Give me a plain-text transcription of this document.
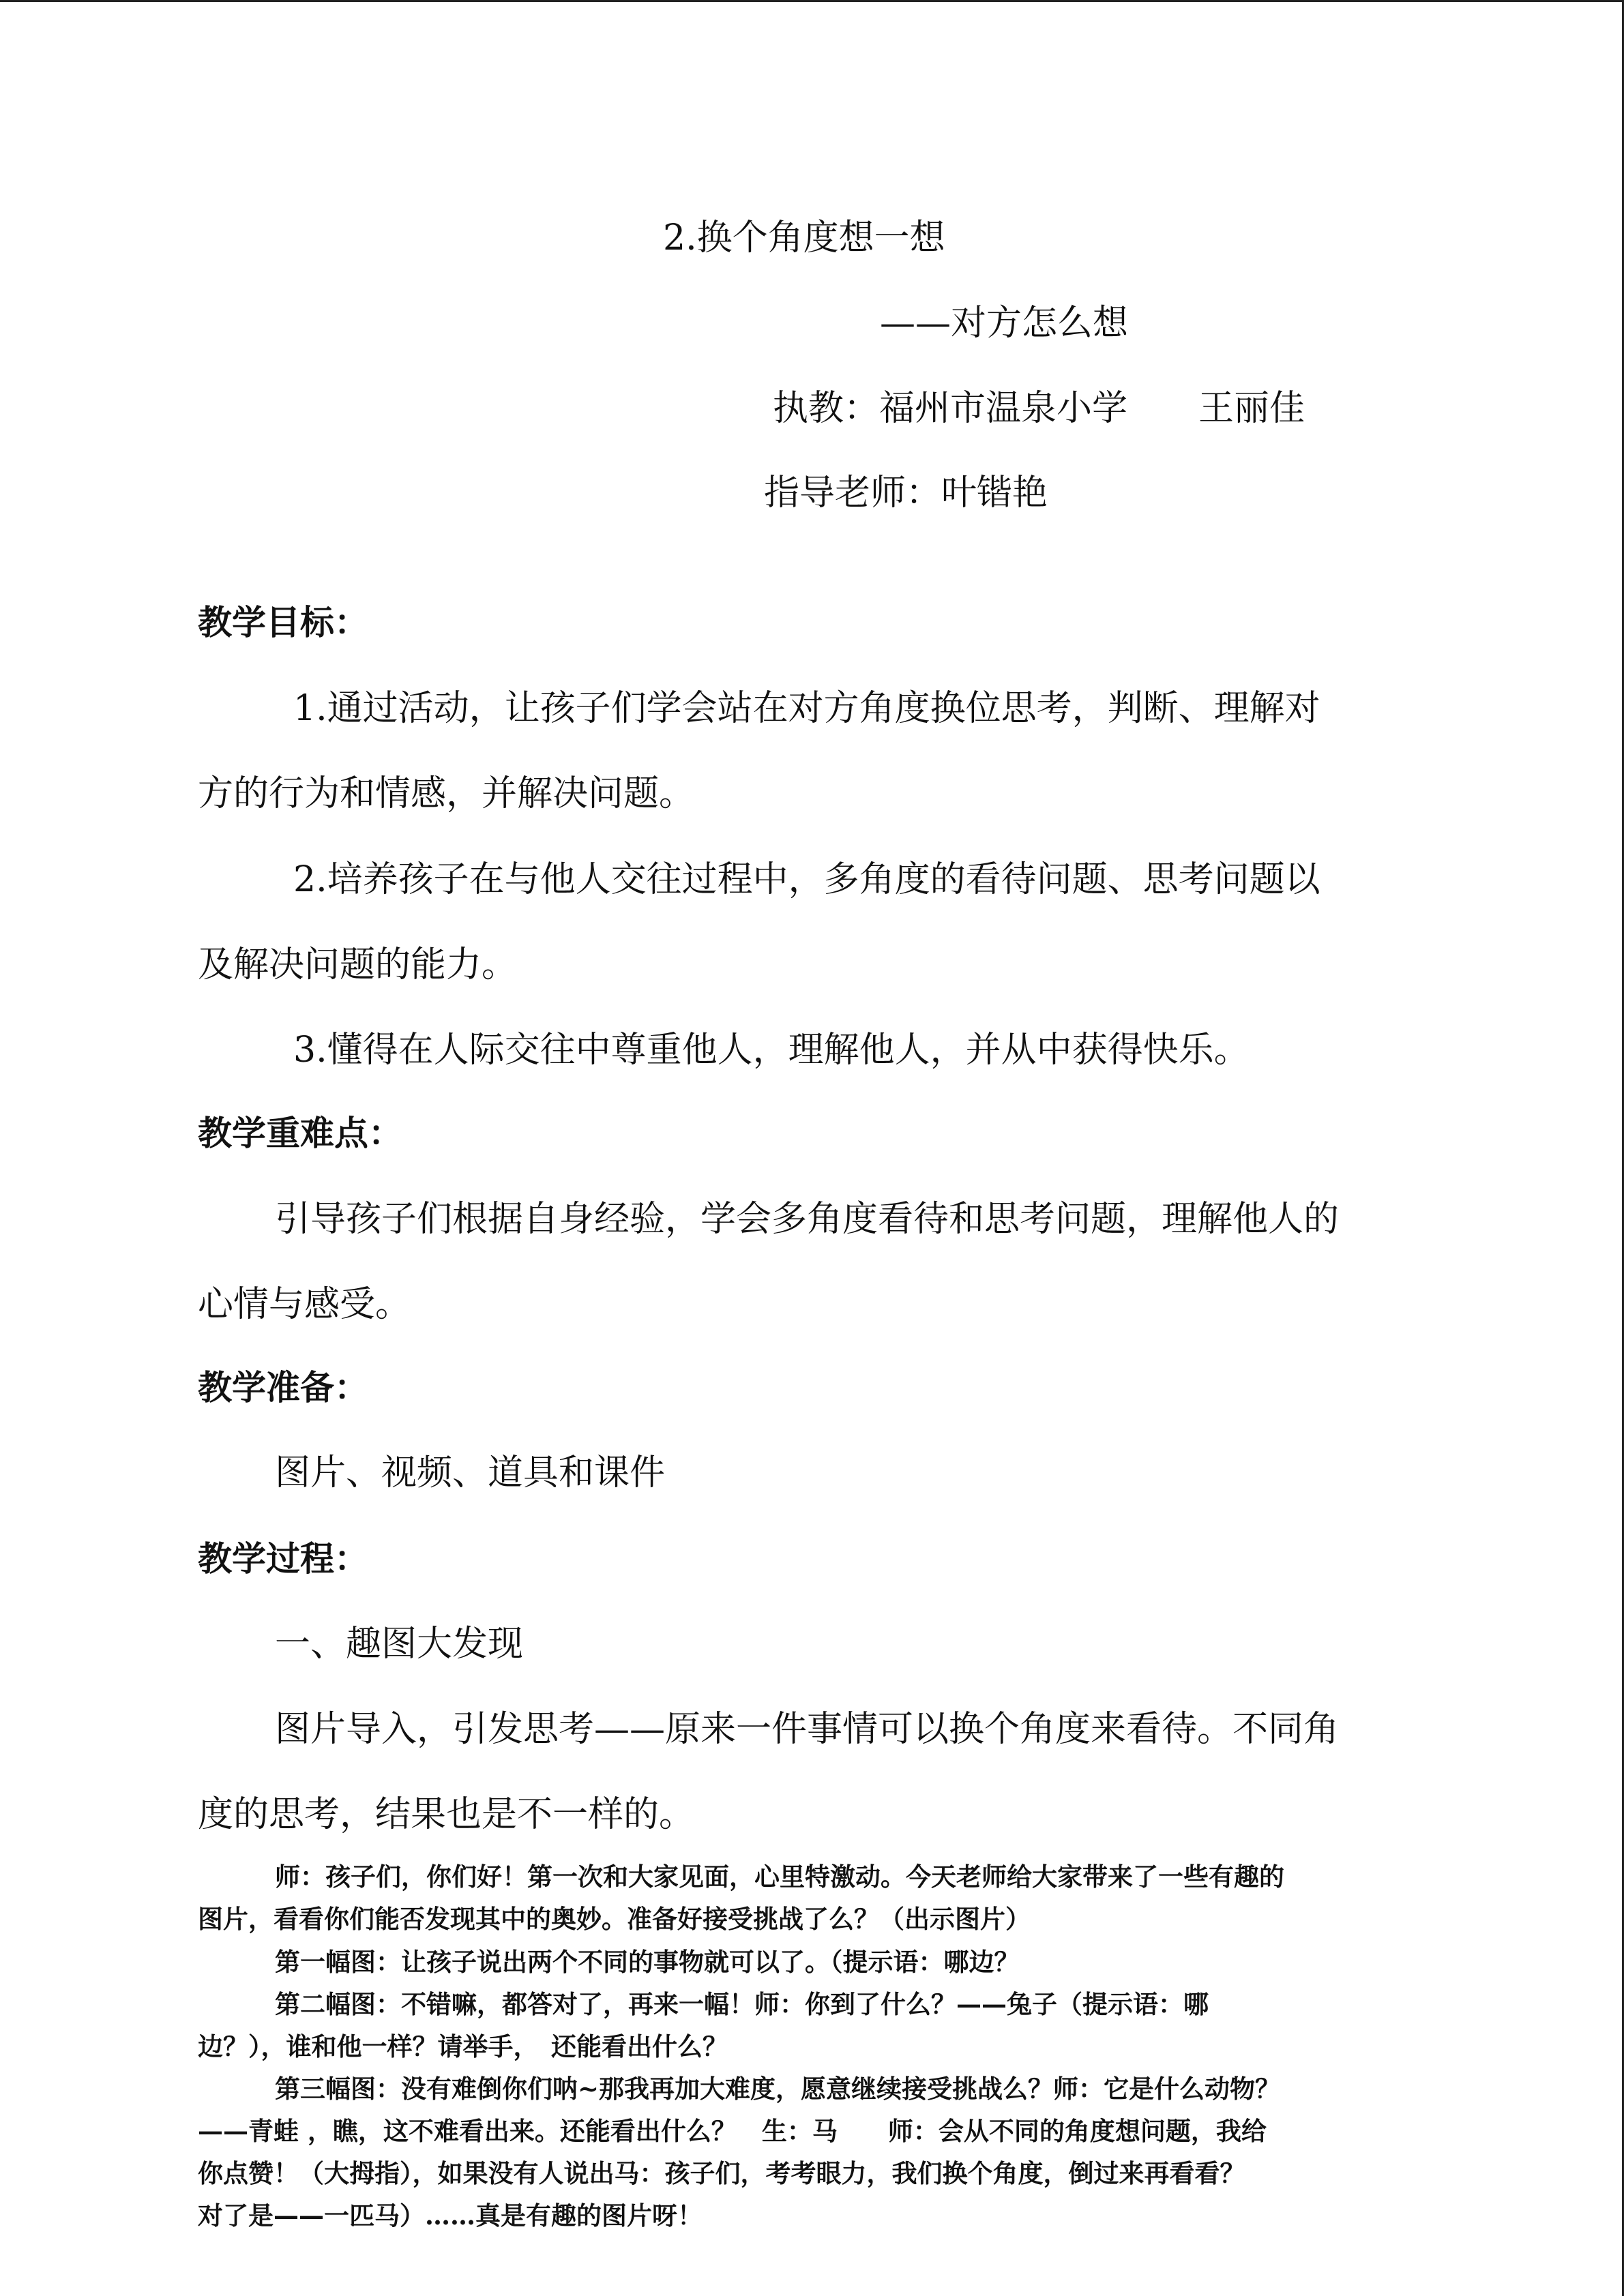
2.换个角度想一想
——对方怎么想
执教：福州市温泉小学　　王丽佳
指导老师：叶锴艳
教学目标：
1.通过活动，让孩子们学会站在对方角度换位思考，判断、理解对
方的行为和情感，并解决问题。
2.培养孩子在与他人交往过程中，多角度的看待问题、思考问题以
及解决问题的能力。
3.懂得在人际交往中尊重他人，理解他人，并从中获得快乐。
教学重难点：
引导孩子们根据自身经验，学会多角度看待和思考问题，理解他人的
心情与感受。
教学准备：
图片、视频、道具和课件
教学过程：
一、趣图大发现
图片导入，引发思考——原来一件事情可以换个角度来看待。不同角
度的思考，结果也是不一样的。
师：孩子们，你们好！第一次和大家见面，心里特激动。今天老师给大家带来了一些有趣的
图片，看看你们能否发现其中的奥妙。准备好接受挑战了么？（出示图片）
第一幅图：让孩子说出两个不同的事物就可以了。（提示语：哪边？
第二幅图：不错嘛，都答对了，再来一幅！师：你到了什么？——兔子（提示语：哪
边？），谁和他一样？请举手，　还能看出什么？
第三幅图：没有难倒你们呐~那我再加大难度，愿意继续接受挑战么？师：它是什么动物？
——青蛙 ，瞧，这不难看出来。还能看出什么？　生：马　　师：会从不同的角度想问题，我给
你点赞！（大拇指），如果没有人说出马：孩子们，考考眼力，我们换个角度，倒过来再看看？
对了是——一匹马）……真是有趣的图片呀！
